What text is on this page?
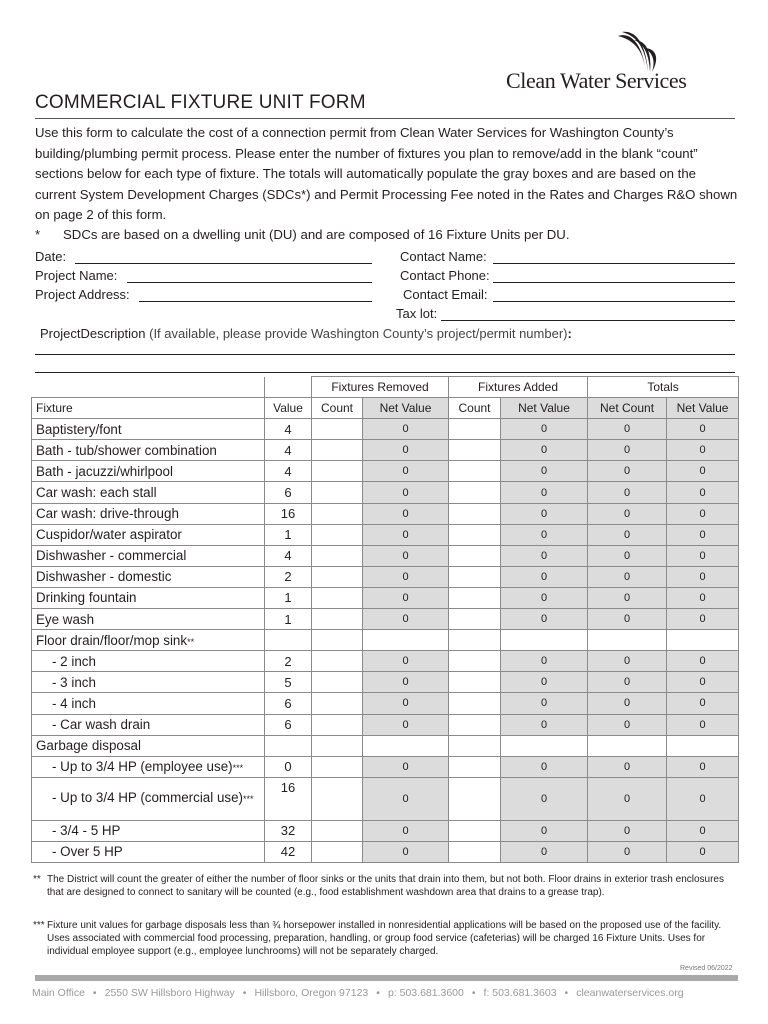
Clean Water Services
COMMERCIAL FIXTURE UNIT FORM

Use this form to calculate the cost of a connection permit from Clean Water Services for Washington County’s building/plumbing permit process. Please enter the number of fixtures you plan to remove/add in the blank “count” sections below for each type of fixture. The totals will automatically populate the gray boxes and are based on the current System Development Charges (SDCs*) and Permit Processing Fee noted in the Rates and Charges R&O shown on page 2 of this form.

* SDCs are based on a dwelling unit (DU) and are composed of 16 Fixture Units per DU.
Date:
Project Name:
Project Address:
Contact Name:
Contact Phone:
Contact Email:
Tax lot:
ProjectDescription (If available, please provide Washington County’s project/permit number):
		Fixtures Removed		Fixtures Added		Totals	
Fixture	Value	Count	Net Value	Count	Net Value	Net Count	Net Value
Baptistery/font	4		0		0	0	0
Bath - tub/shower combination	4		0		0	0	0
Bath - jacuzzi/whirlpool	4		0		0	0	0
Car wash: each stall	6		0		0	0	0
Car wash: drive-through	16		0		0	0	0
Cuspidor/water aspirator	1		0		0	0	0
Dishwasher - commercial	4		0		0	0	0
Dishwasher - domestic	2		0		0	0	0
Drinking fountain	1		0		0	0	0
Eye wash	1		0		0	0	0
Floor drain/floor/mop sink**							
- 2 inch	2		0		0	0	0
- 3 inch	5		0		0	0	0
- 4 inch	6		0		0	0	0
- Car wash drain	6		0		0	0	0
Garbage disposal							
- Up to 3/4 HP (employee use)***	0		0		0	0	0
- Up to 3/4 HP (commercial use)***	16		0		0	0	0
- 3/4 - 5 HP	32		0		0	0	0
- Over 5 HP	42		0		0	0	0
** The District will count the greater of either the number of floor sinks or the units that drain into them, but not both. Floor drains in exterior trash enclosures that are designed to connect to sanitary will be counted (e.g., food establishment washdown area that drains to a grease trap).
*** Fixture unit values for garbage disposals less than ¾ horsepower installed in nonresidential applications will be based on the proposed use of the facility. Uses associated with commercial food processing, preparation, handling, or group food service (cafeterias) will be charged 16 Fixture Units. Uses for individual employee support (e.g., employee lunchrooms) will not be separately charged.
Revised 06/2022
Main Office • 2550 SW Hillsboro Highway • Hillsboro, Oregon 97123 • p: 503.681.3600 • f: 503.681.3603 • cleanwaterservices.org
